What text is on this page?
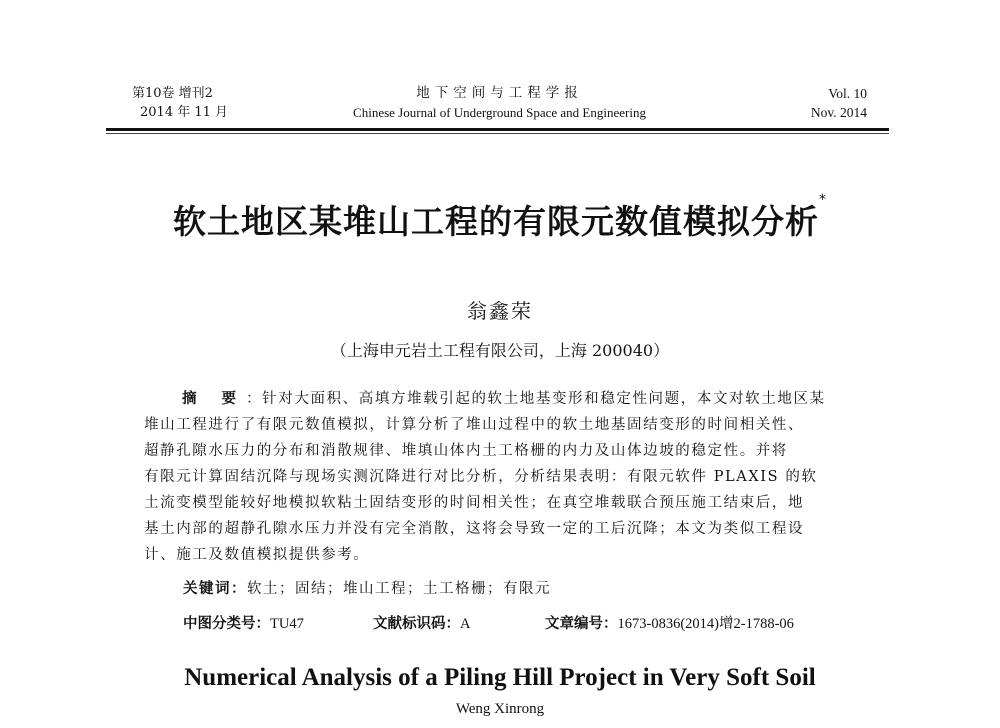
第10卷 增刊2
2014 年 11 月
地下空间与工程学报
Chinese Journal of Underground Space and Engineering
Vol. 10
Nov. 2014
软土地区某堆山工程的有限元数值模拟分析*
翁鑫荣
（上海申元岩土工程有限公司，上海 200040）
摘 要：针对大面积、高填方堆载引起的软土地基变形和稳定性问题，本文对软土地区某
堆山工程进行了有限元数值模拟，计算分析了堆山过程中的软土地基固结变形的时间相关性、
超静孔隙水压力的分布和消散规律、堆填山体内土工格栅的内力及山体边坡的稳定性。并将
有限元计算固结沉降与现场实测沉降进行对比分析，分析结果表明：有限元软件 PLAXIS 的软
土流变模型能较好地模拟软粘土固结变形的时间相关性；在真空堆载联合预压施工结束后，地
基土内部的超静孔隙水压力并没有完全消散，这将会导致一定的工后沉降；本文为类似工程设
计、施工及数值模拟提供参考。
关键词：软土；固结；堆山工程；土工格栅；有限元
中图分类号：TU47	文献标识码：A	文章编号：1673-0836(2014)增2-1788-06
Numerical Analysis of a Piling Hill Project in Very Soft Soil
Weng Xinrong
